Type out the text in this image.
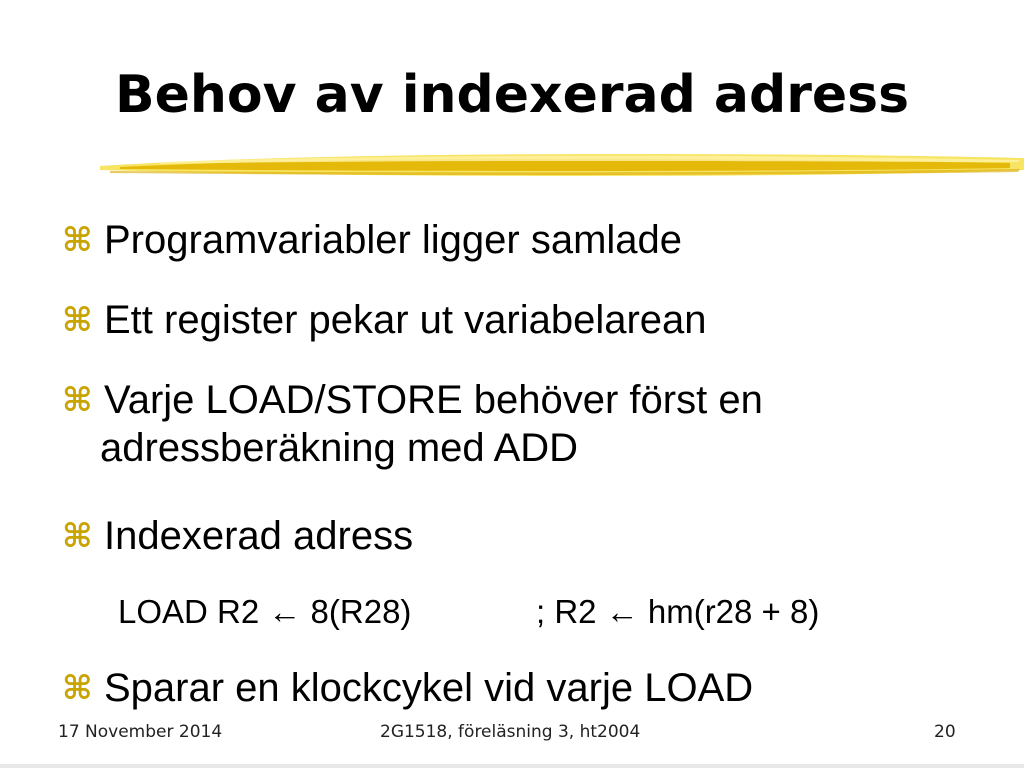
Behov av indexerad adress
⌘ Programvariabler ligger samlade
⌘ Ett register pekar ut variabelarean
⌘ Varje LOAD/STORE behöver först en
adressberäkning med ADD
⌘ Indexerad adress
⌘ Sparar en klockcykel vid varje LOAD
LOAD R2 ← 8(R28)	; R2 ← hm(r28 + 8)
17 November 2014	2G1518, föreläsning 3, ht2004	20
